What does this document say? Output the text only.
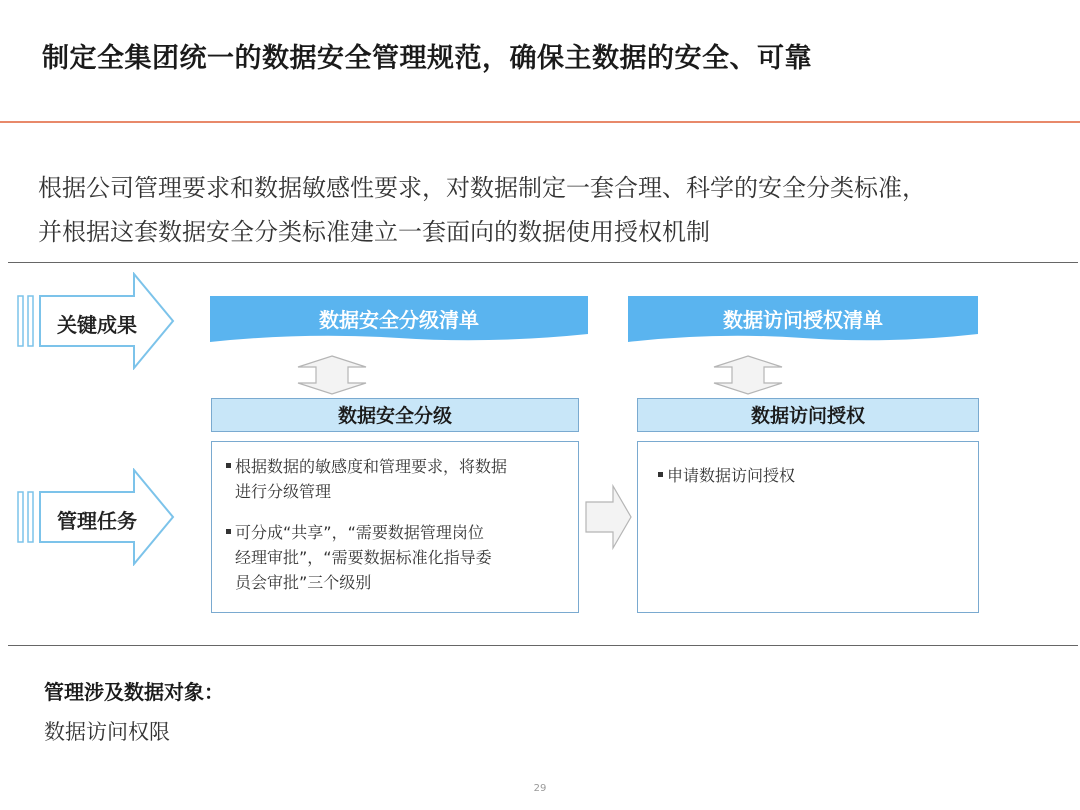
制定全集团统一的数据安全管理规范，确保主数据的安全、可靠
根据公司管理要求和数据敏感性要求，对数据制定一套合理、科学的安全分类标准，
并根据这套数据安全分类标准建立一套面向的数据使用授权机制
关键成果
管理任务
数据安全分级清单	数据访问授权清单
数据安全分级	数据访问授权
根据数据的敏感度和管理要求，将数据
进行分级管理
可分成“共享”，“需要数据管理岗位
经理审批”，“需要数据标准化指导委
员会审批”三个级别
申请数据访问授权
管理涉及数据对象：
数据访问权限
29
